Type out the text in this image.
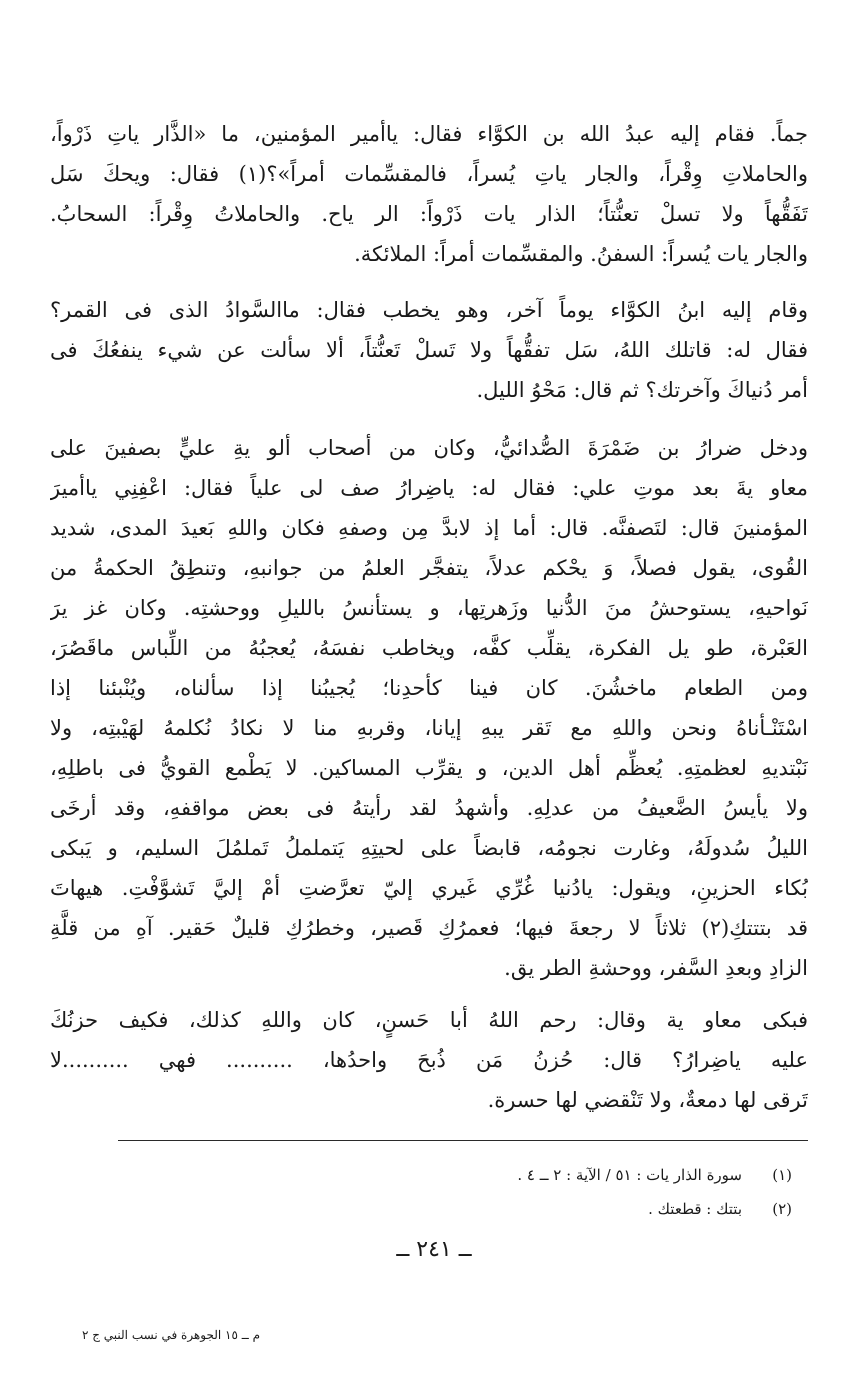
جماً. فقام إليه عبدُ الله بن الكوَّاء فقال: ياأمير المؤمنين، ما «الذَّار ياتِ ذَرْواً،
والحاملاتِ وِقْراً، والجار ياتِ يُسراً، فالمقسِّمات أمراً»؟(١) فقال: ويحكَ سَل
تَفَقُّهاً ولا تسلْ تعنُّتاً؛ الذار يات ذَرْواً: الر ياح. والحاملاتُ وِقْراً: السحابُ.
والجار يات يُسراً: السفنُ. والمقسِّمات أمراً: الملائكة.
وقام إليه ابنُ الكوَّاء يوماً آخر، وهو يخطب فقال: ماالسَّوادُ الذى فى القمر؟
فقال له: قاتلك اللهُ، سَل تفقُّهاً ولا تَسلْ تَعنُّتاً، ألا سألت عن شيء ينفعُكَ فى
أمر دُنياكَ وآخرتك؟ ثم قال: مَحْوُ الليل.
ودخل ضرارُ بن ضَمْرَةَ الصُّدائيُّ، وكان من أصحاب ألو يةِ عليٍّ بصفينَ على
معاو يةَ بعد موتِ علي: فقال له: ياضِرارُ صف لى علياً فقال: اعْفِنِي ياأميرَ
المؤمنينَ قال: لتَصفنَّه. قال: أما إذ لابدَّ مِن وصفهِ فكان واللهِ بَعيدَ المدى، شديد
القُوى، يقول فصلاً، وَ يحْكم عدلاً، يتفجَّر العلمُ من جوانبهِ، وتنطِقُ الحكمةُ من
نَواحيهِ، يستوحشُ منَ الدُّنيا وزَهرتِها، و يستأنسُ بالليلِ ووحشتِه. وكان غز يرَ
العَبْرة، طو يل الفكرة، يقلِّب كفَّه، ويخاطب نفسَهُ، يُعجبُهُ من اللِّباس ماقَصُرَ،
ومن الطعام ماخشُنَ. كان فينا كأحدِنا؛ يُجيبُنا إذا سألناه، ويُنْبئنا إذا
اسْتَنْـأناهُ ونحن واللهِ مع تَقر يبهِ إيانا، وقربهِ منا لا نكادُ نُكلمهُ لهَيْبتِه، ولا
نَبْتديهِ لعظمتِهِ. يُعظِّم أهل الدين، و يقرِّب المساكين. لا يَطْمع القويُّ فى باطلِهِ،
ولا يأيسُ الضَّعيفُ من عدلِهِ. وأشهدُ لقد رأيتهُ فى بعض مواقفهِ، وقد أرخَى
الليلُ سُدولَهُ، وغارت نجومُه، قابضاً على لحيتِهِ يَتململُ تَملمُلَ السليم، و يَبكى
بُكاء الحزينِ، ويقول: يادُنيا غُرِّي غَيري إليّ تعرَّضتِ أمْ إليَّ تَشوَّفْتِ. هيهاتَ
قد بتتتكِ(٢) ثلاثاً لا رجعةَ فيها؛ فعمرُكِ قَصير، وخطرُكِ قليلٌ حَقير. آهِ من قلَّةِ
الزادِ وبعدِ السَّفر، ووحشةِ الطر يق.
فبكى معاو ية وقال: رحم اللهُ أبا حَسنٍ، كان واللهِ كذلك، فكيف حزنُكَ
عليه ياضِرارُ؟ قال: حُزنُ مَن ذُبحَ واحدُها، .......... فهي ..........لا
تَرقى لها دمعةٌ، ولا تَنْقضي لها حسرة.
(١)
سورة الذار يات : ٥١ / الآية : ٢ ــ ٤ .
(٢)
بتتك : قطعتك .
ــ ٢٤١ ــ
م ــ ١٥ الجوهرة في نسب النبي ج ٢
